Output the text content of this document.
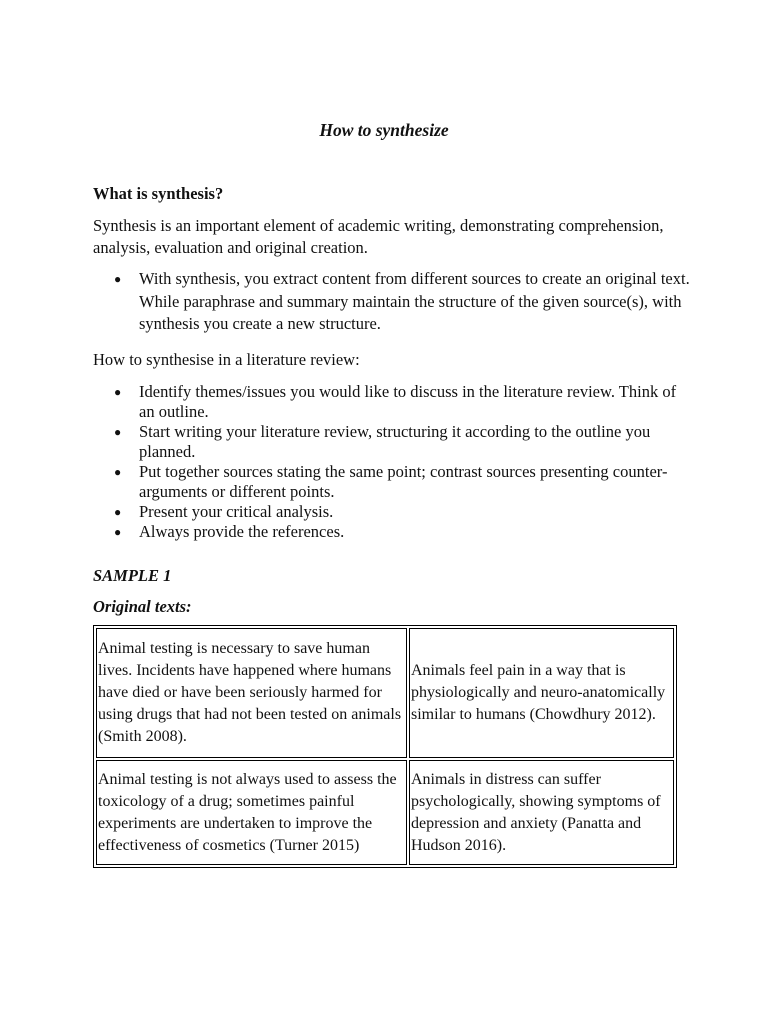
How to synthesize
What is synthesis?
Synthesis is an important element of academic writing, demonstrating comprehension, analysis, evaluation and original creation.
● With synthesis, you extract content from different sources to create an original text. While paraphrase and summary maintain the structure of the given source(s), with synthesis you create a new structure.
How to synthesise in a literature review:
● Identify themes/issues you would like to discuss in the literature review. Think of an outline.
● Start writing your literature review, structuring it according to the outline you planned.
● Put together sources stating the same point; contrast sources presenting counter-arguments or different points.
● Present your critical analysis.
● Always provide the references.
SAMPLE 1
Original texts:
Animal testing is necessary to save human lives. Incidents have happened where humans have died or have been seriously harmed for using drugs that had not been tested on animals (Smith 2008).	Animals feel pain in a way that is physiologically and neuro-anatomically similar to humans (Chowdhury 2012).
Animal testing is not always used to assess the toxicology of a drug; sometimes painful experiments are undertaken to improve the effectiveness of cosmetics (Turner 2015)	Animals in distress can suffer psychologically, showing symptoms of depression and anxiety (Panatta and Hudson 2016).
